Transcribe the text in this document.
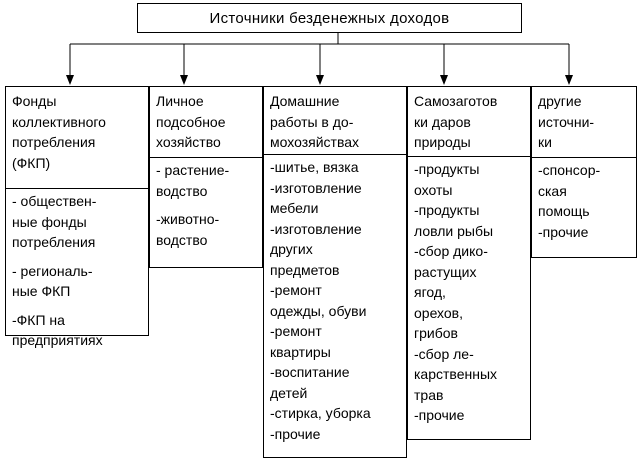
Источники безденежных доходов
Фонды
коллективного
потребления
(ФКП)
- обществен-
ные фонды
потребления
- региональ-
ные ФКП
-ФКП на
предприятиях
Личное
подсобное
хозяйство
- растение-
водство
-животно-
водство
Домашние
работы в до-
мохозяйствах
-шитье, вязка
-изготовление
мебели
-изготовление
других
предметов
-ремонт
одежды, обуви
-ремонт
квартиры
-воспитание
детей
-стирка, уборка
-прочие
Самозаготов
ки даров
природы
-продукты
охоты
-продукты
ловли рыбы
-сбор дико-
растущих
ягод,
орехов,
грибов
-сбор ле-
карственных
трав
-прочие
другие
источни-
ки
-спонсор-
ская
помощь
-прочие
